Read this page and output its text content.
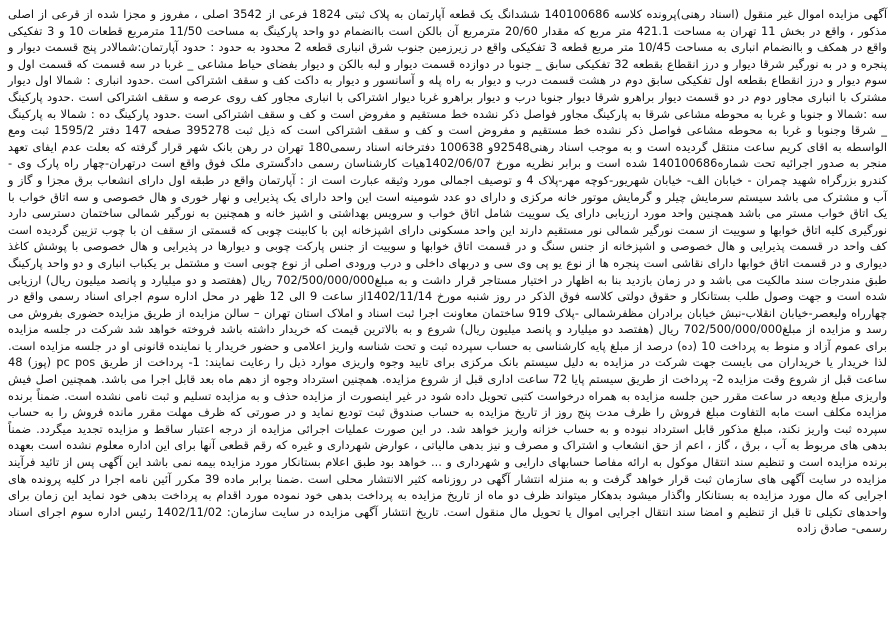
آگهی مزایده اموال غیر منقول (اسناد رهنی)پرونده کلاسه 140100686 ششدانگ یک قطعه آپارتمان به پلاک ثبتی 1824 فرعی از 3542 اصلی ، مفروز و مجزا شده از قرعی از اصلی مذکور ، واقع در بخش 11 تهران به مساحت 421.1 متر مربع که مقدار 20/60 مترمربع آن بالکن است باانضمام دو واحد پارکینگ به مساحت 11/50 مترمربع قطعات 10 و 3 تفکیکی واقع در همکف و باانضمام انباری به مساحت 10/45 متر مربع قطعه 3 تفکیکی واقع در زیرزمین جنوب شرق انباری قطعه 2 محدود به حدود : حدود آپارتمان:شمالادر پنج قسمت دیوار و پنجره و در به نورگیر شرقا دیوار و درز انقطاع بقطعه 32 تفکیکی سابق _ جنوبا در دوازده قسمت دیوار و لبه بالکن و دیوار بفضای حیاط مشاعی _ غربا در سه قسمت که قسمت اول و سوم دیوار و درز انقطاع بقطعه اول تفکیکی سابق دوم در هشت قسمت درب و دیوار به راه پله و آسانسور و دیوار به داکت کف و سقف اشتراکی است .حدود انباری : شمالا اول دیوار مشترک با انباری مجاور دوم در دو قسمت دیوار براهرو شرقا دیوار جنوبا درب و دیوار براهرو غربا دیوار اشتراکی با انباری مجاور کف روی عرصه و سقف اشتراکی است .حدود پارکینگ سه :شمالا و جنوبا و غربا به محوطه مشاعی شرقا به پارکینگ مجاور فواصل ذکر نشده خط مستقیم و مفروض است و کف و سقف اشتراکی است .حدود پارکینگ ده : شمالا به پارکینگ _ شرقا وجنوبا و غربا به محوطه مشاعی فواصل ذکر نشده خط مستقیم و مفروض است و کف و سقف اشتراکی است که ذیل ثبت 395278 صفحه 147 دفتر 1595/2 ثبت ومع الواسطه به اقای کریم ساعت منتقل گردیده است و به موجب اسناد رهنی92548و 100638 دفترخانه اسناد رسمی180 تهران در رهن بانک شهر قرار گرفته که بعلت عدم ایفای تعهد منجر به صدور اجرائیه تحت شماره140100686 شده است و برابر نظریه مورخ 1402/06/07هیات کارشناسان رسمی دادگستری ملک فوق واقع است درتهران-چهار راه پارک وی - کندرو بزرگراه شهید چمران - خیابان الف- خیابان شهریور-کوچه مهر-پلاک 4 و توصیف اجمالی مورد وثیقه عبارت است از : آپارتمان واقع در طبقه اول دارای انشعاب برق مجزا و گاز و آب و مشترک می باشد سیستم سرمایش چیلر و گرمایش موتور خانه مرکزی و دارای دو عدد شومینه است این واحد دارای یک پذیرایی و نهار خوری و هال خصوصی و سه اتاق خواب با یک اتاق خواب مستر می باشد همچنین واحد مورد ارزیابی دارای یک سوییت شامل اتاق خواب و سرویس بهداشتی و اشپز خانه و همچنین به نورگیر شمالی ساختمان دسترسی دارد نورگیری کلیه اتاق خوابها و سوییت از سمت نورگیر شمالی نور مستقیم دارند این واحد مسکونی دارای اشپزخانه اپن با کابینت چوبی که قسمتی از سقف ان با چوب تزیین گردیده است کف واحد در قسمت پذیرایی و هال خصوصی و اشپزخانه از جنس سنگ و در قسمت اتاق خوابها و سوییت از جنس پارکت چوبی و دیوارها در پذیرایی و هال خصوصی با پوشش کاغذ دیواری و در قسمت اتاق خوابها دارای نقاشی است پنجره ها از نوع یو پی وی سی و دربهای داخلی و درب ورودی اصلی از نوع چوبی است و مشتمل بر یکباب انباری و دو واحد پارکینگ طبق مندرجات سند مالکیت می باشد و در زمان بازدید بنا به اظهار در اختیار مستاجر قرار داشت و به مبلغ702/500/000/000 ریال (هفتصد و دو میلیارد و پانصد میلیون ریال) ارزیابی شده است و جهت وصول طلب بستانکار و حقوق دولتی کلاسه فوق الذکر در روز شنبه مورخ 1402/11/14از ساعت 9 الی 12 ظهر در محل اداره سوم اجرای اسناد رسمی واقع در چهارراه ولیعصر-خیابان انقلاب-نبش خیابان برادران مظفرشمالی -پلاک 919 ساختمان معاونت اجرا ثبت اسناد و املاک استان تهران – سالن مزایده از طریق مزایده حضوری بفروش می رسد و مزایده از مبلغ702/500/000/000 ریال (هفتصد دو میلیارد و پانصد میلیون ریال) شروع و به بالاترین قیمت که خریدار داشته باشد فروخته خواهد شد شرکت در جلسه مزایده برای عموم آزاد و منوط به پرداخت 10 (ده) درصد از مبلغ پایه کارشناسی به حساب سپرده ثبت و تحت شناسه واریز اعلامی و حضور خریدار یا نماینده قانونی او در جلسه مزایده است. لذا خریدار یا خریداران می بایست جهت شرکت در مزایده به دلیل سیستم بانک مرکزی برای تایید وجوه واریزی موارد ذیل را رعایت نمایند: 1- پرداخت از طریق pc pos (پوز) 48 ساعت قبل از شروع وقت مزایده 2- پرداخت از طریق سیستم پایا 72 ساعت اداری قبل از شروع مزایده. همچنین استرداد وجوه از دهم ماه بعد قابل اجرا می باشد. همچنین اصل فیش واریزی مبلغ ودیعه در ساعت مقرر حین جلسه مزایده به همراه درخواست کتبی تحویل داده شود در غیر اینصورت از مزایده حذف و به مزایده تسلیم و ثبت نامی نشده است. ضمناً برنده مزایده مکلف است مابه التفاوت مبلغ فروش را ظرف مدت پنج روز از تاریخ مزایده به حساب صندوق ثبت تودیع نماید و در صورتی که ظرف مهلت مقرر مانده فروش را به حساب سپرده ثبت واریز نکند، مبلغ مذکور قابل استرداد نبوده و به حساب خزانه واریز خواهد شد. در این صورت عملیات اجرائی مزایده از درجه اعتبار ساقط و مزایده تجدید میگردد. ضمناً بدهی های مربوط به آب ، برق ، گاز ، اعم از حق انشعاب و اشتراک و مصرف و نیز بدهی مالیاتی ، عوارض شهرداری و غیره که رقم قطعی آنها برای این اداره معلوم نشده است بعهده برنده مزایده است و تنظیم سند انتقال موکول به ارائه مفاصا حسابهای دارایی و شهرداری و ... خواهد بود طبق اعلام بستانکار مورد مزایده بیمه نمی باشد این آگهی پس از تائید فرآیند مزایده در سایت آگهی های سازمان ثبت قرار خواهد گرفت و به منزله انتشار آگهی در روزنامه کثیر الانتشار محلی است .ضمنا برابر ماده 39 مکرر آئین نامه اجرا در کلیه پرونده های اجرایی که مال مورد مزایده به بستانکار واگذار میشود بدهکار میتواند ظرف دو ماه از تاریخ مزایده به پرداخت بدهی خود نموده مورد اقدام به پرداخت بدهی خود نماید این زمان برای واحدهای تکیلی تا قبل از تنظیم و امضا سند انتقال اجرایی اموال یا تحویل مال منقول است. تاریخ انتشار آگهی مزایده در سایت سازمان: 1402/11/02 رئیس اداره سوم اجرای اسناد رسمی- صادق زاده
